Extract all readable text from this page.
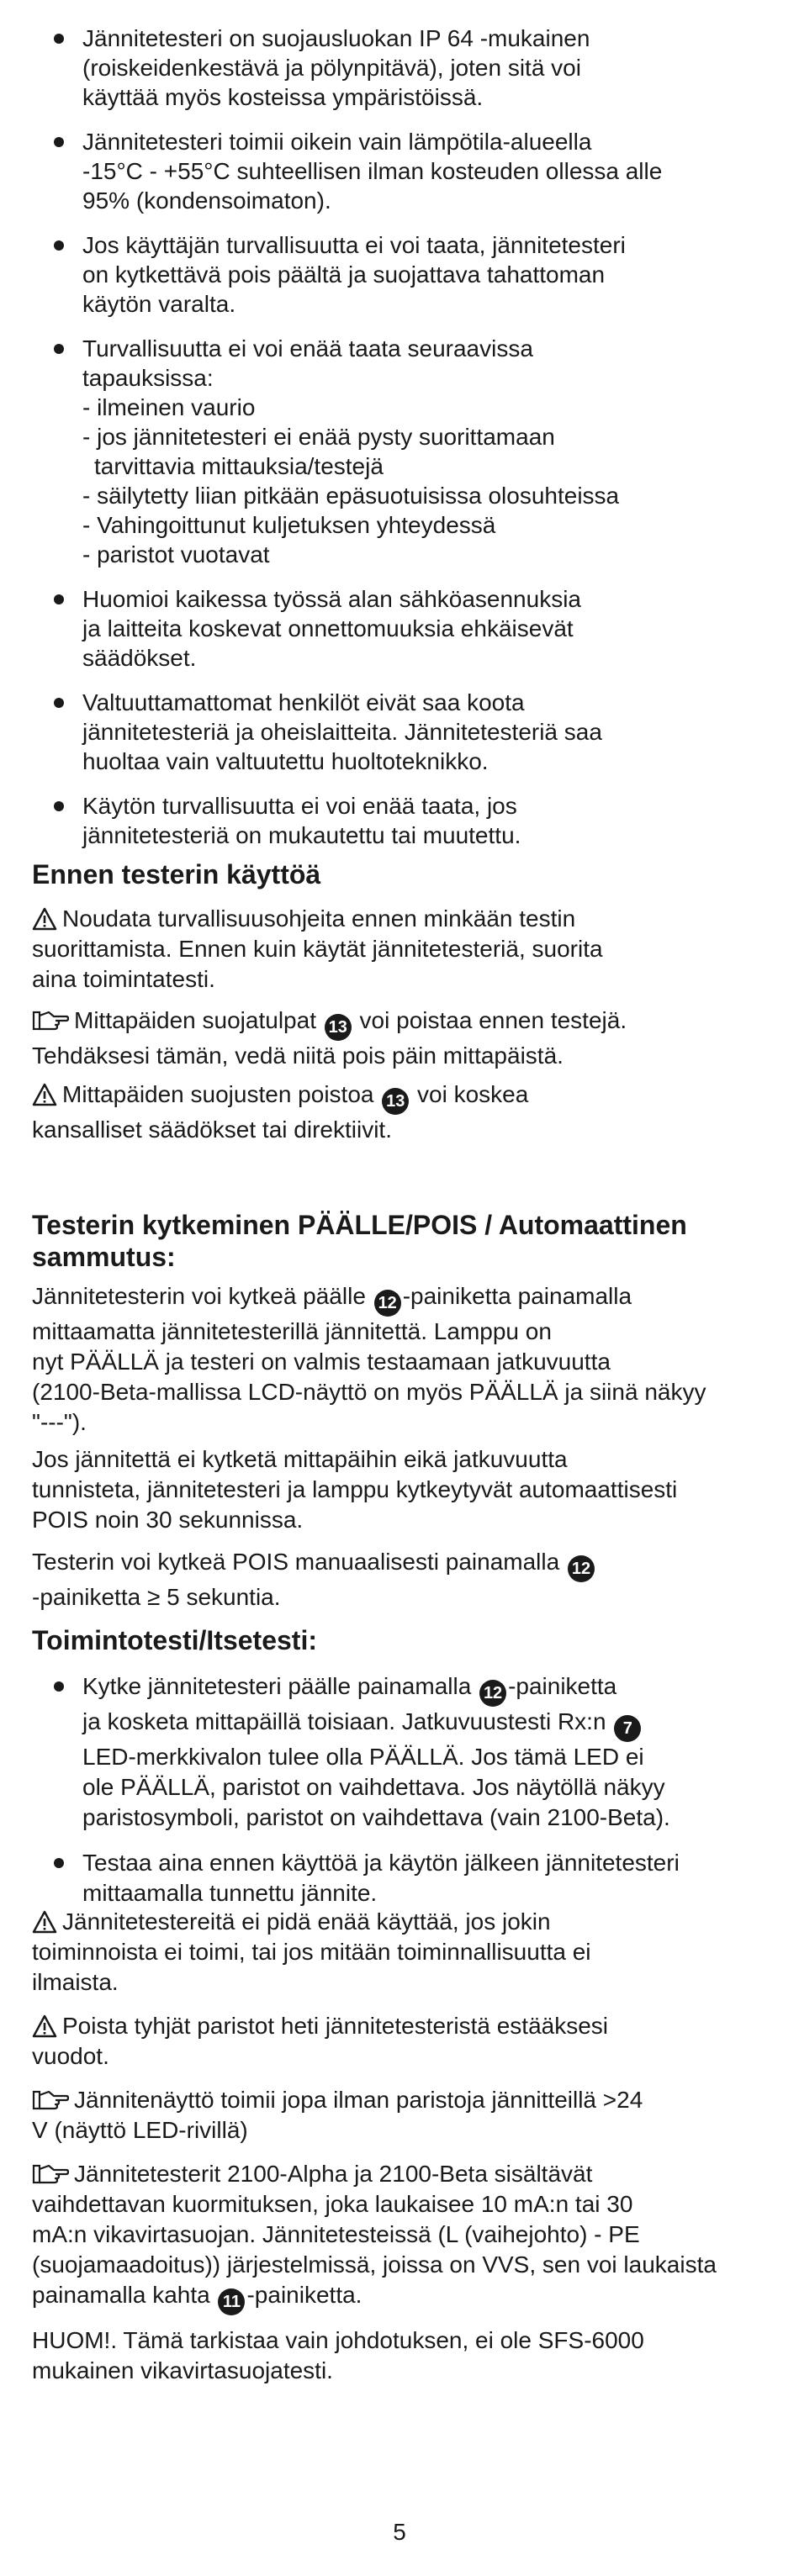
Jännitetesteri on suojausluokan IP 64 -mukainen
(roiskeidenkestävä ja pölynpitävä), joten sitä voi
käyttää myös kosteissa ympäristöissä.
Jännitetesteri toimii oikein vain lämpötila-alueella
-15°C - +55°C suhteellisen ilman kosteuden ollessa alle
95% (kondensoimaton).
Jos käyttäjän turvallisuutta ei voi taata, jännitetesteri
on kytkettävä pois päältä ja suojattava tahattoman
käytön varalta.
Turvallisuutta ei voi enää taata seuraavissa
tapauksissa:
- ilmeinen vaurio
- jos jännitetesteri ei enää pysty suorittamaan
tarvittavia mittauksia/testejä
- säilytetty liian pitkään epäsuotuisissa olosuhteissa
- Vahingoittunut kuljetuksen yhteydessä
- paristot vuotavat
Huomioi kaikessa työssä alan sähköasennuksia
ja laitteita koskevat onnettomuuksia ehkäisevät
säädökset.
Valtuuttamattomat henkilöt eivät saa koota
jännitetesteriä ja oheislaitteita. Jännitetesteriä saa
huoltaa vain valtuutettu huoltoteknikko.
Käytön turvallisuutta ei voi enää taata, jos
jännitetesteriä on mukautettu tai muutettu.
Ennen testerin käyttöä

Noudata turvallisuusohjeita ennen minkään testin
suorittamista. Ennen kuin käytät jännitetesteriä, suorita
aina toimintatesti.

Mittapäiden suojatulpat 13 voi poistaa ennen testejä.
Tehdäksesi tämän, vedä niitä pois päin mittapäistä.

Mittapäiden suojusten poistoa 13 voi koskea
kansalliset säädökset tai direktiivit.

Testerin kytkeminen PÄÄLLE/POIS / Automaattinen
sammutus:

Jännitetesterin voi kytkeä päälle 12 -painiketta painamalla
mittaamatta jännitetesterillä jännitettä. Lamppu on
nyt PÄÄLLÄ ja testeri on valmis testaamaan jatkuvuutta
(2100-Beta-mallissa LCD-näyttö on myös PÄÄLLÄ ja siinä näkyy
"---").

Jos jännitettä ei kytketä mittapäihin eikä jatkuvuutta
tunnisteta, jännitetesteri ja lamppu kytkeytyvät automaattisesti
POIS noin 30 sekunnissa.

Testerin voi kytkeä POIS manuaalisesti painamalla 12
-painiketta ≥ 5 sekuntia.

Toimintotesti/Itsetesti:
Kytke jännitetesteri päälle painamalla 12 -painiketta
ja kosketa mittapäillä toisiaan. Jatkuvuustesti Rx:n 7
LED-merkkivalon tulee olla PÄÄLLÄ. Jos tämä LED ei
ole PÄÄLLÄ, paristot on vaihdettava. Jos näytöllä näkyy
paristosymboli, paristot on vaihdettava (vain 2100-Beta).
Testaa aina ennen käyttöä ja käytön jälkeen jännitetesteri
mittaamalla tunnettu jännite.

Jännitetestereitä ei pidä enää käyttää, jos jokin
toiminnoista ei toimi, tai jos mitään toiminnallisuutta ei
ilmaista.

Poista tyhjät paristot heti jännitetesteristä estääksesi
vuodot.

Jännitenäyttö toimii jopa ilman paristoja jännitteillä >24
V (näyttö LED-rivillä)

Jännitetesterit 2100-Alpha ja 2100-Beta sisältävät
vaihdettavan kuormituksen, joka laukaisee 10 mA:n tai 30
mA:n vikavirtasuojan. Jännitetesteissä (L (vaihejohto) - PE
(suojamaadoitus)) järjestelmissä, joissa on VVS, sen voi laukaista
painamalla kahta 11 -painiketta.

HUOM!. Tämä tarkistaa vain johdotuksen, ei ole SFS-6000
mukainen vikavirtasuojatesti.

5
